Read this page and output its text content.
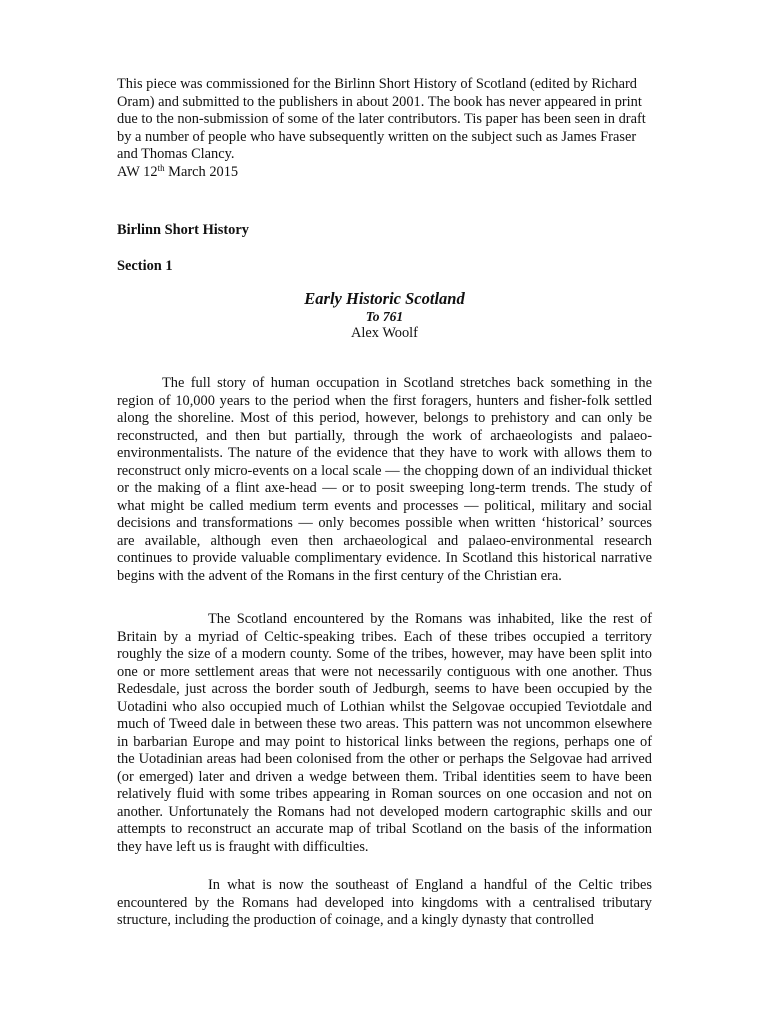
This piece was commissioned for the Birlinn Short History of Scotland (edited by Richard Oram) and submitted to the publishers in about 2001. The book has never appeared in print due to the non-submission of some of the later contributors. Tis paper has been seen in draft by a number of people who have subsequently written on the subject such as James Fraser and Thomas Clancy.

AW 12th March 2015

Birlinn Short History

Section 1

Early Historic Scotland

To 761

Alex Woolf

The full story of human occupation in Scotland stretches back something in the region of 10,000 years to the period when the first foragers, hunters and fisher-folk settled along the shoreline. Most of this period, however, belongs to prehistory and can only be reconstructed, and then but partially, through the work of archaeologists and palaeo-environmentalists. The nature of the evidence that they have to work with allows them to reconstruct only micro-events on a local scale — the chopping down of an individual thicket or the making of a flint axe-head — or to posit sweeping long-term trends. The study of what might be called medium term events and processes — political, military and social decisions and transformations — only becomes possible when written ‘historical’ sources are available, although even then archaeological and palaeo-environmental research continues to provide valuable complimentary evidence. In Scotland this historical narrative begins with the advent of the Romans in the first century of the Christian era.

The Scotland encountered by the Romans was inhabited, like the rest of Britain by a myriad of Celtic-speaking tribes. Each of these tribes occupied a territory roughly the size of a modern county. Some of the tribes, however, may have been split into one or more settlement areas that were not necessarily contiguous with one another. Thus Redesdale, just across the border south of Jedburgh, seems to have been occupied by the Uotadini who also occupied much of Lothian whilst the Selgovae occupied Teviotdale and much of Tweed dale in between these two areas. This pattern was not uncommon elsewhere in barbarian Europe and may point to historical links between the regions, perhaps one of the Uotadinian areas had been colonised from the other or perhaps the Selgovae had arrived (or emerged) later and driven a wedge between them. Tribal identities seem to have been relatively fluid with some tribes appearing in Roman sources on one occasion and not on another. Unfortunately the Romans had not developed modern cartographic skills and our attempts to reconstruct an accurate map of tribal Scotland on the basis of the information they have left us is fraught with difficulties.

In what is now the southeast of England a handful of the Celtic tribes encountered by the Romans had developed into kingdoms with a centralised tributary structure, including the production of coinage, and a kingly dynasty that controlled
